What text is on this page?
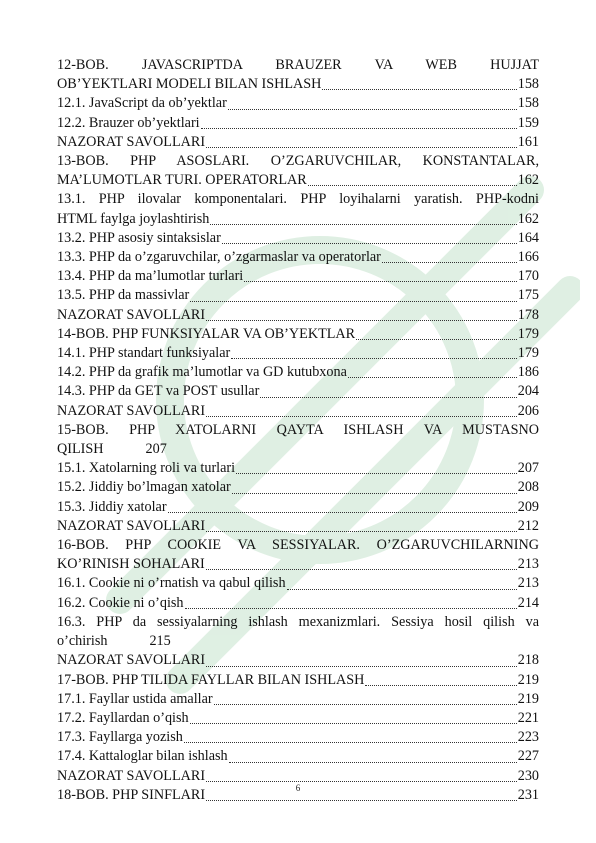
12-BOB. JAVASCRIPTDA BRAUZER VA WEB HUJJAT
OB’YEKTLARI MODELI BILAN ISHLASH	158
12.1. JavaScript da ob’yektlar	158
12.2. Brauzer ob’yektlari	159
NAZORAT SAVOLLARI	161
13-BOB. PHP ASOSLARI. O’ZGARUVCHILAR, KONSTANTALAR,
MA’LUMOTLAR TURI. OPERATORLAR	162
13.1. PHP ilovalar komponentalari. PHP loyihalarni yaratish. PHP-kodni
HTML faylga joylashtirish	162
13.2. PHP asosiy sintaksislar	164
13.3. PHP da o’zgaruvchilar, o’zgarmaslar va operatorlar	166
13.4. PHP da ma’lumotlar turlari	170
13.5. PHP da massivlar	175
NAZORAT SAVOLLARI	178
14-BOB. PHP FUNKSIYALAR VA OB’YEKTLAR	179
14.1. PHP standart funksiyalar	179
14.2. PHP da grafik ma’lumotlar va GD kutubxona	186
14.3. PHP da GET va POST usullar	204
NAZORAT SAVOLLARI	206
15-BOB. PHP XATOLARNI QAYTA ISHLASH VA MUSTASNO
QILISH	207
15.1. Xatolarning roli va turlari	207
15.2. Jiddiy bo’lmagan xatolar	208
15.3. Jiddiy xatolar	209
NAZORAT SAVOLLARI	212
16-BOB. PHP COOKIE VA SESSIYALAR. O’ZGARUVCHILARNING
KO’RINISH SOHALARI	213
16.1. Cookie ni o’rnatish va qabul qilish	213
16.2. Cookie ni o’qish	214
16.3. PHP da sessiyalarning ishlash mexanizmlari. Sessiya hosil qilish va
o’chirish	215
NAZORAT SAVOLLARI	218
17-BOB. PHP TILIDA FAYLLAR BILAN ISHLASH	219
17.1. Fayllar ustida amallar	219
17.2. Fayllardan o’qish	221
17.3. Fayllarga yozish	223
17.4. Kattaloglar bilan ishlash	227
NAZORAT SAVOLLARI	230
18-BOB. PHP SINFLARI	231
6
